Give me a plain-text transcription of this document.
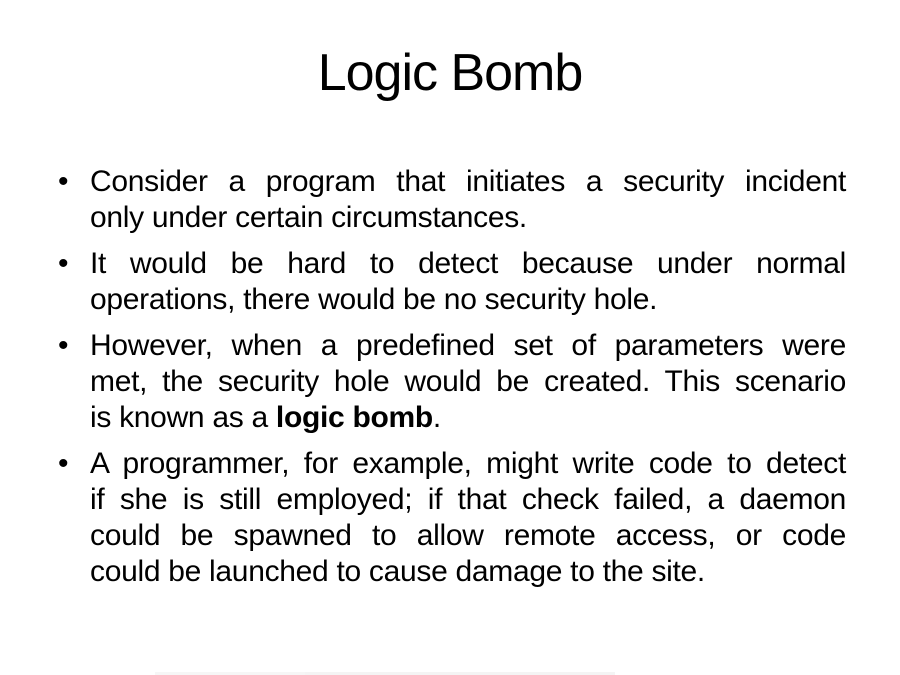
Logic Bomb
• Consider a program that initiates a security incident
only under certain circumstances.
• It would be hard to detect because under normal
operations, there would be no security hole.
• However, when a predefined set of parameters were
met, the security hole would be created. This scenario
is known as a logic bomb.
• A programmer, for example, might write code to detect
if she is still employed; if that check failed, a daemon
could be spawned to allow remote access, or code
could be launched to cause damage to the site.
